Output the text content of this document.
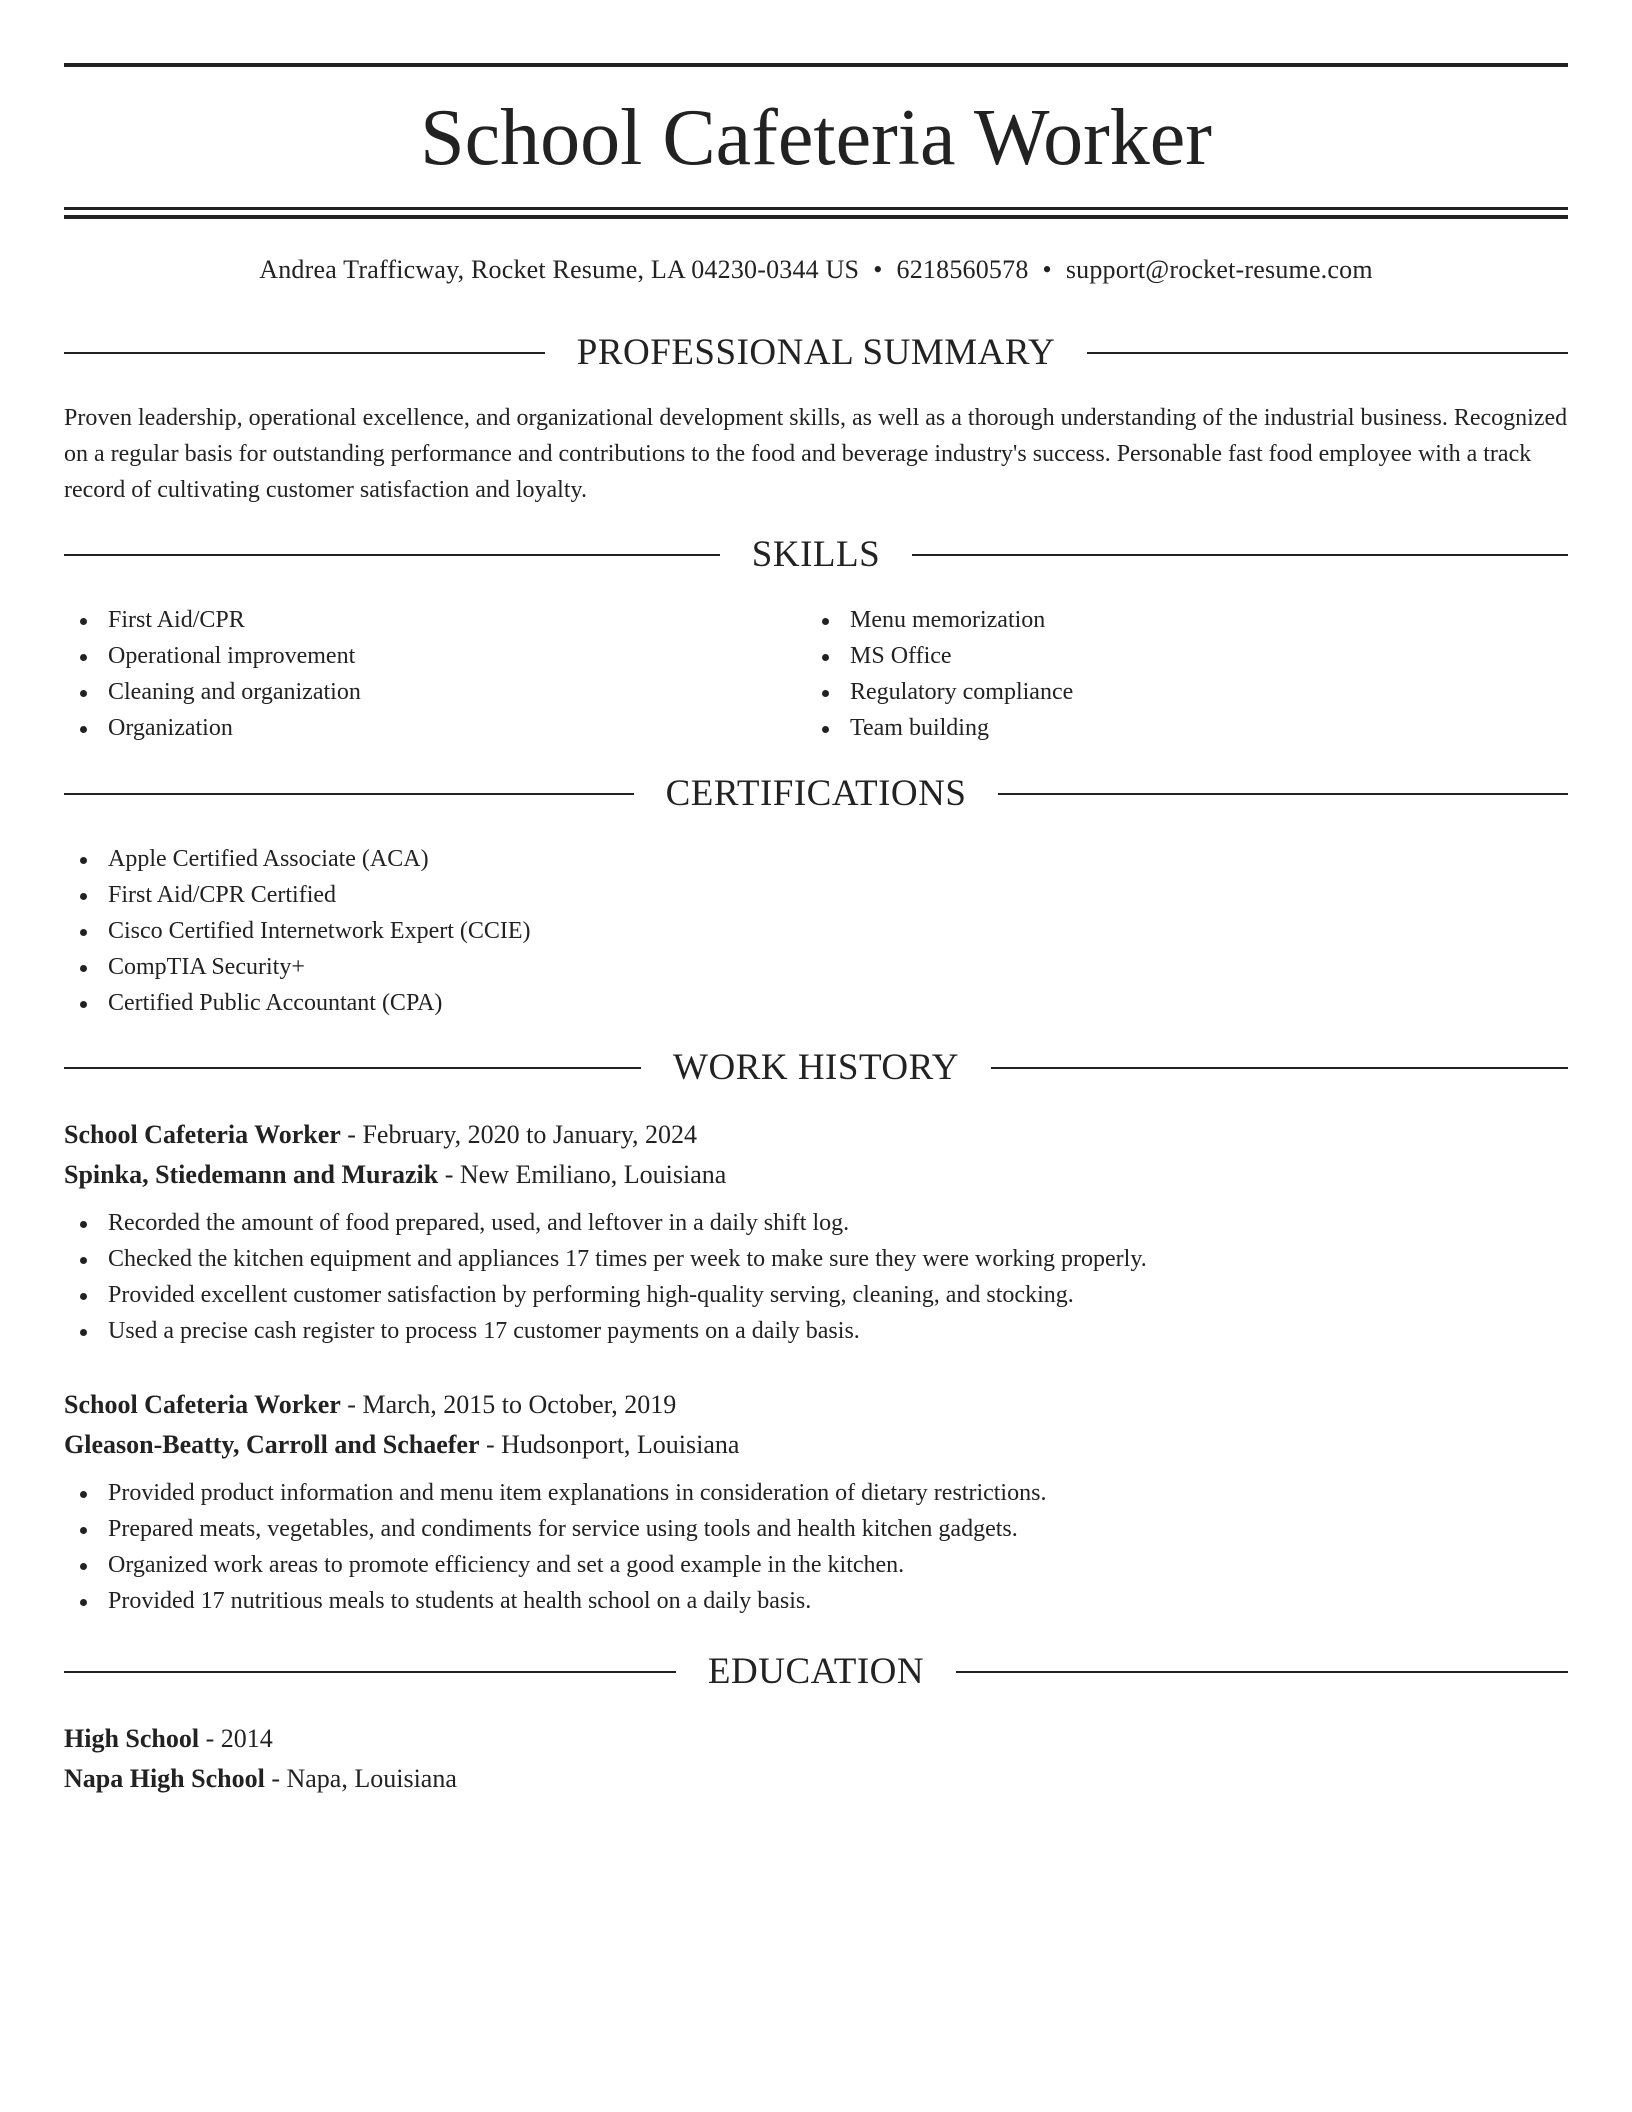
School Cafeteria Worker
Andrea Trafficway, Rocket Resume, LA 04230-0344 US • 6218560578 • support@rocket-resume.com
PROFESSIONAL SUMMARY

Proven leadership, operational excellence, and organizational development skills, as well as a thorough understanding of the industrial business. Recognized on a regular basis for outstanding performance and contributions to the food and beverage industry's success. Personable fast food employee with a track record of cultivating customer satisfaction and loyalty.

SKILLS
First Aid/CPR
Operational improvement
Cleaning and organization
Organization
Menu memorization
MS Office
Regulatory compliance
Team building
CERTIFICATIONS
Apple Certified Associate (ACA)
First Aid/CPR Certified
Cisco Certified Internetwork Expert (CCIE)
CompTIA Security+
Certified Public Accountant (CPA)
WORK HISTORY
School Cafeteria Worker - February, 2020 to January, 2024
Spinka, Stiedemann and Murazik - New Emiliano, Louisiana
Recorded the amount of food prepared, used, and leftover in a daily shift log.
Checked the kitchen equipment and appliances 17 times per week to make sure they were working properly.
Provided excellent customer satisfaction by performing high-quality serving, cleaning, and stocking.
Used a precise cash register to process 17 customer payments on a daily basis.
School Cafeteria Worker - March, 2015 to October, 2019
Gleason-Beatty, Carroll and Schaefer - Hudsonport, Louisiana
Provided product information and menu item explanations in consideration of dietary restrictions.
Prepared meats, vegetables, and condiments for service using tools and health kitchen gadgets.
Organized work areas to promote efficiency and set a good example in the kitchen.
Provided 17 nutritious meals to students at health school on a daily basis.
EDUCATION
High School - 2014
Napa High School - Napa, Louisiana
